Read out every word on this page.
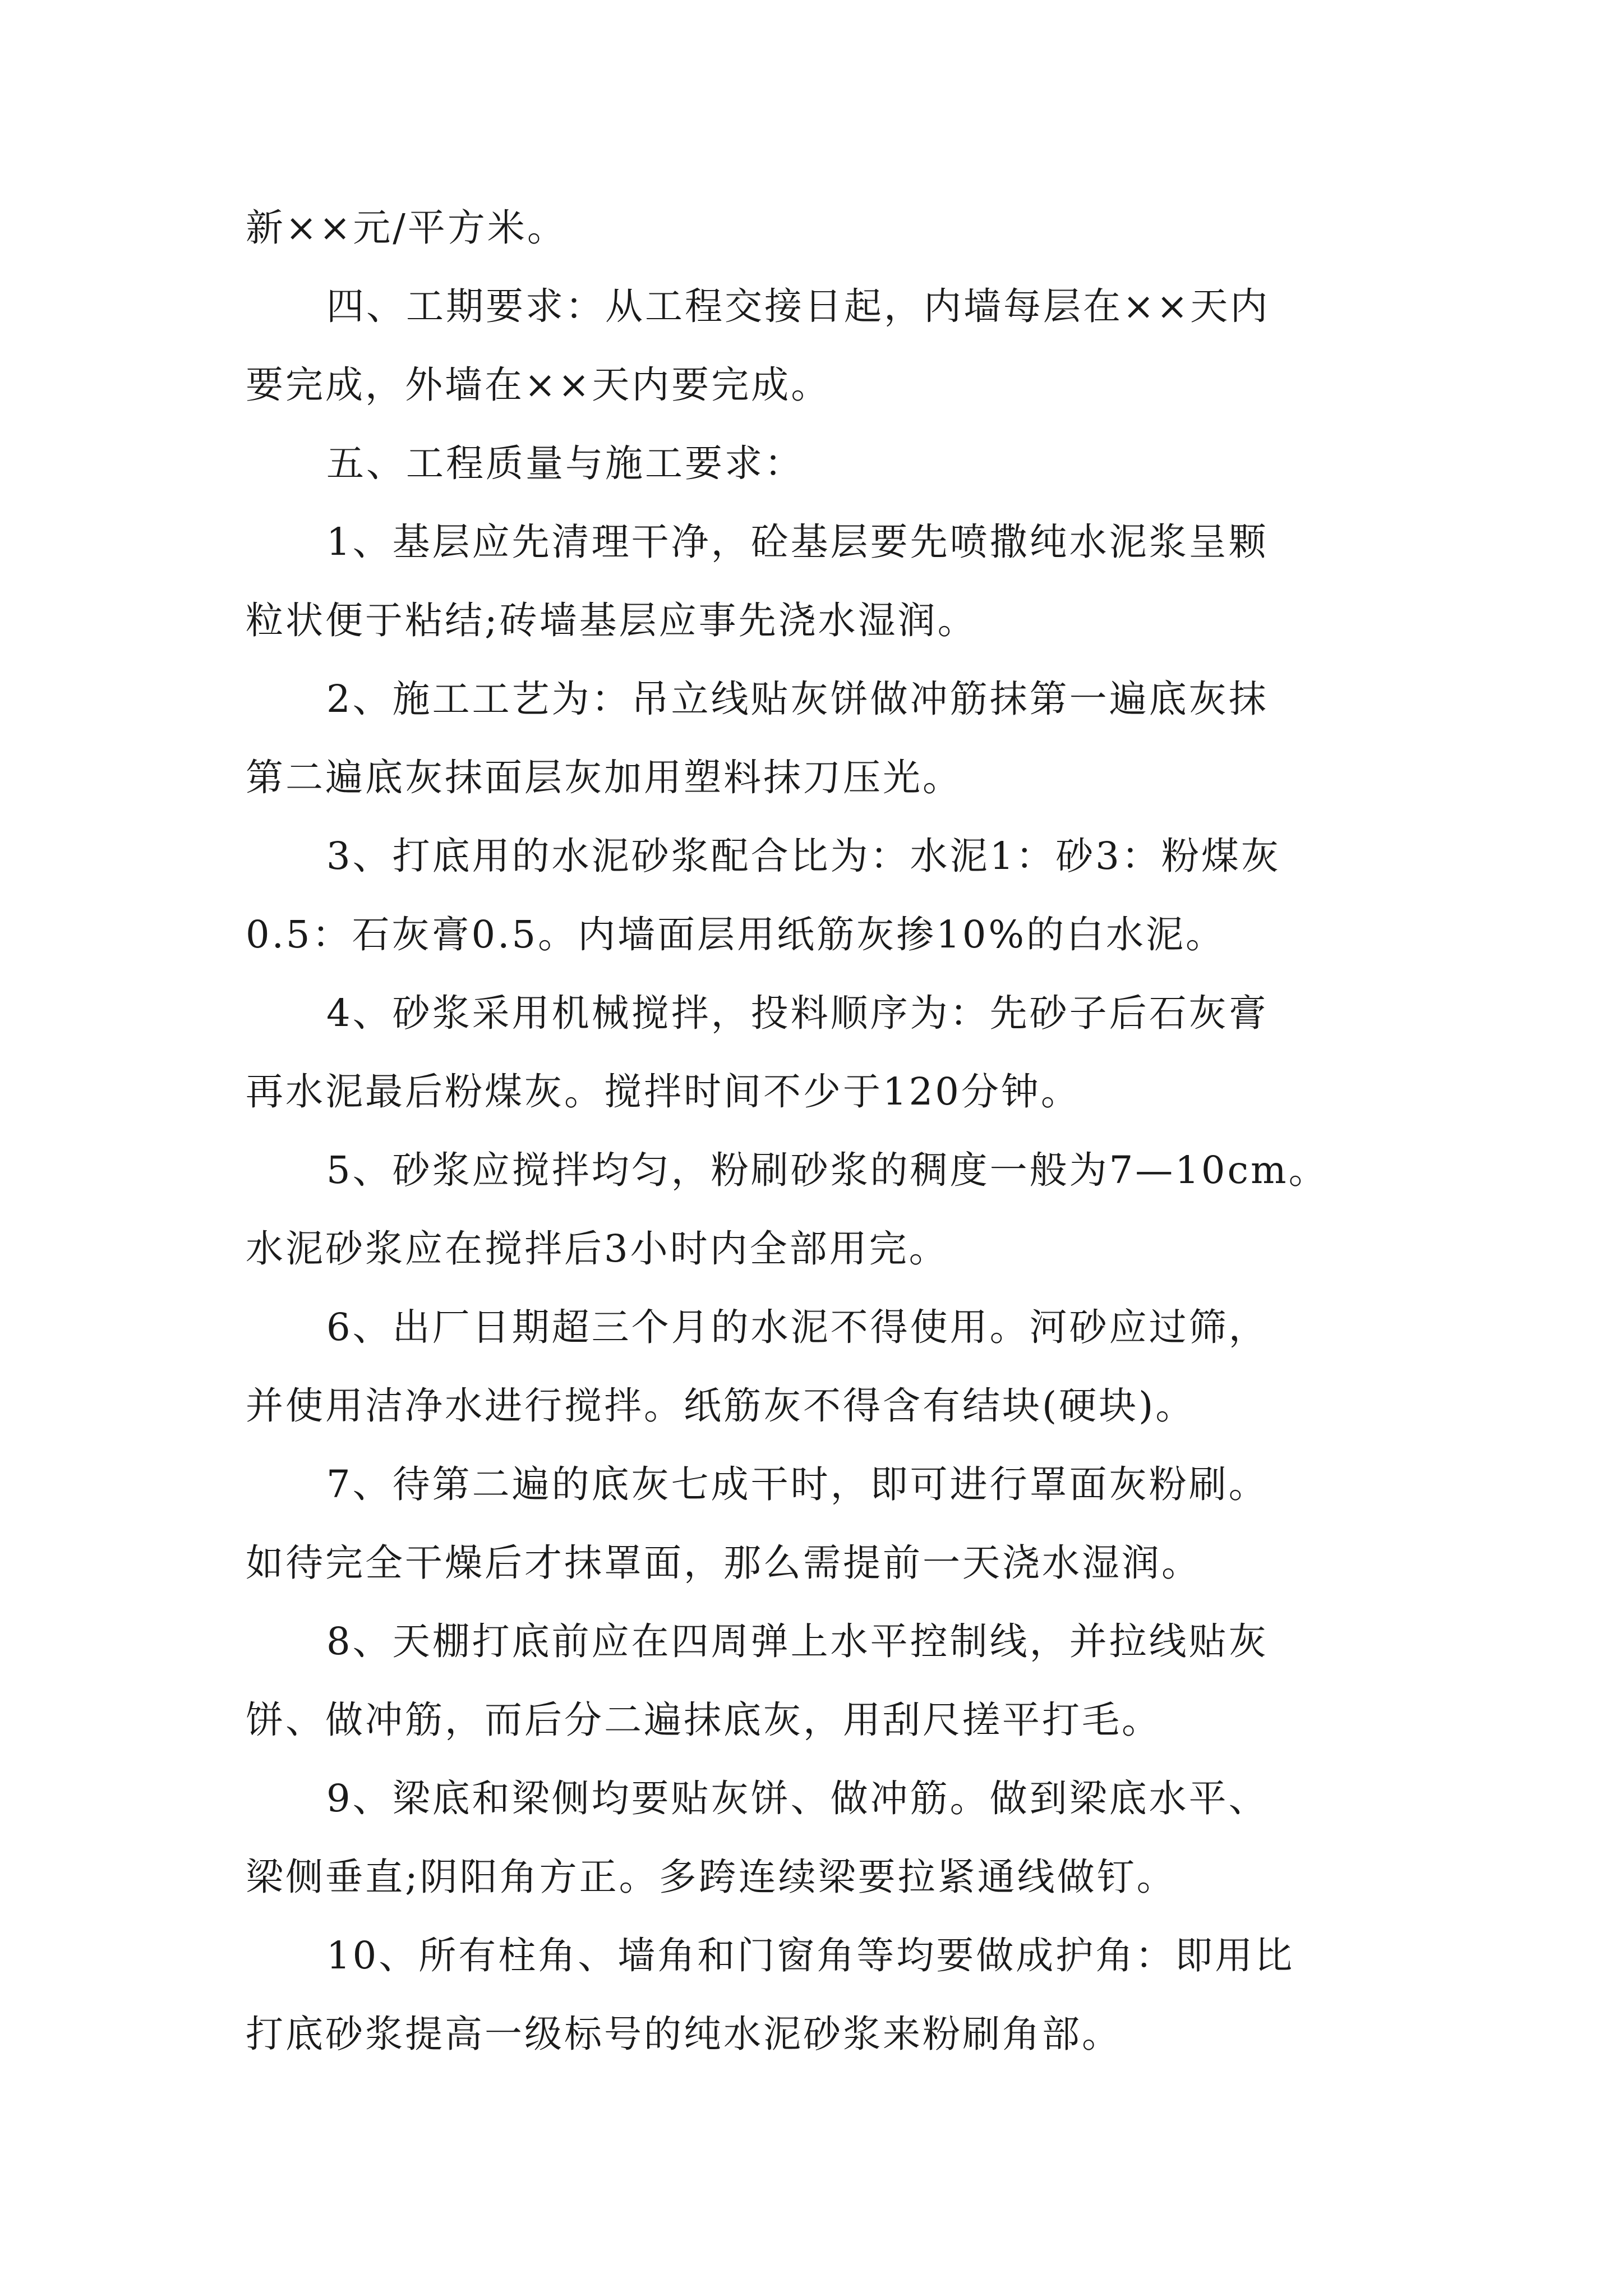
新××元/平方米。
四、工期要求：从工程交接日起，内墙每层在××天内
要完成，外墙在××天内要完成。
五、工程质量与施工要求：
1、基层应先清理干净，砼基层要先喷撒纯水泥浆呈颗
粒状便于粘结;砖墙基层应事先浇水湿润。
2、施工工艺为：吊立线贴灰饼做冲筋抹第一遍底灰抹
第二遍底灰抹面层灰加用塑料抹刀压光。
3、打底用的水泥砂浆配合比为：水泥1：砂3：粉煤灰
0.5：石灰膏0.5。内墙面层用纸筋灰掺10%的白水泥。
4、砂浆采用机械搅拌，投料顺序为：先砂子后石灰膏
再水泥最后粉煤灰。搅拌时间不少于120分钟。
5、砂浆应搅拌均匀，粉刷砂浆的稠度一般为7—10cm。
水泥砂浆应在搅拌后3小时内全部用完。
6、出厂日期超三个月的水泥不得使用。河砂应过筛，
并使用洁净水进行搅拌。纸筋灰不得含有结块(硬块)。
7、待第二遍的底灰七成干时，即可进行罩面灰粉刷。
如待完全干燥后才抹罩面，那么需提前一天浇水湿润。
8、天棚打底前应在四周弹上水平控制线，并拉线贴灰
饼、做冲筋，而后分二遍抹底灰，用刮尺搓平打毛。
9、梁底和梁侧均要贴灰饼、做冲筋。做到梁底水平、
梁侧垂直;阴阳角方正。多跨连续梁要拉紧通线做钉。
10、所有柱角、墙角和门窗角等均要做成护角：即用比
打底砂浆提高一级标号的纯水泥砂浆来粉刷角部。
